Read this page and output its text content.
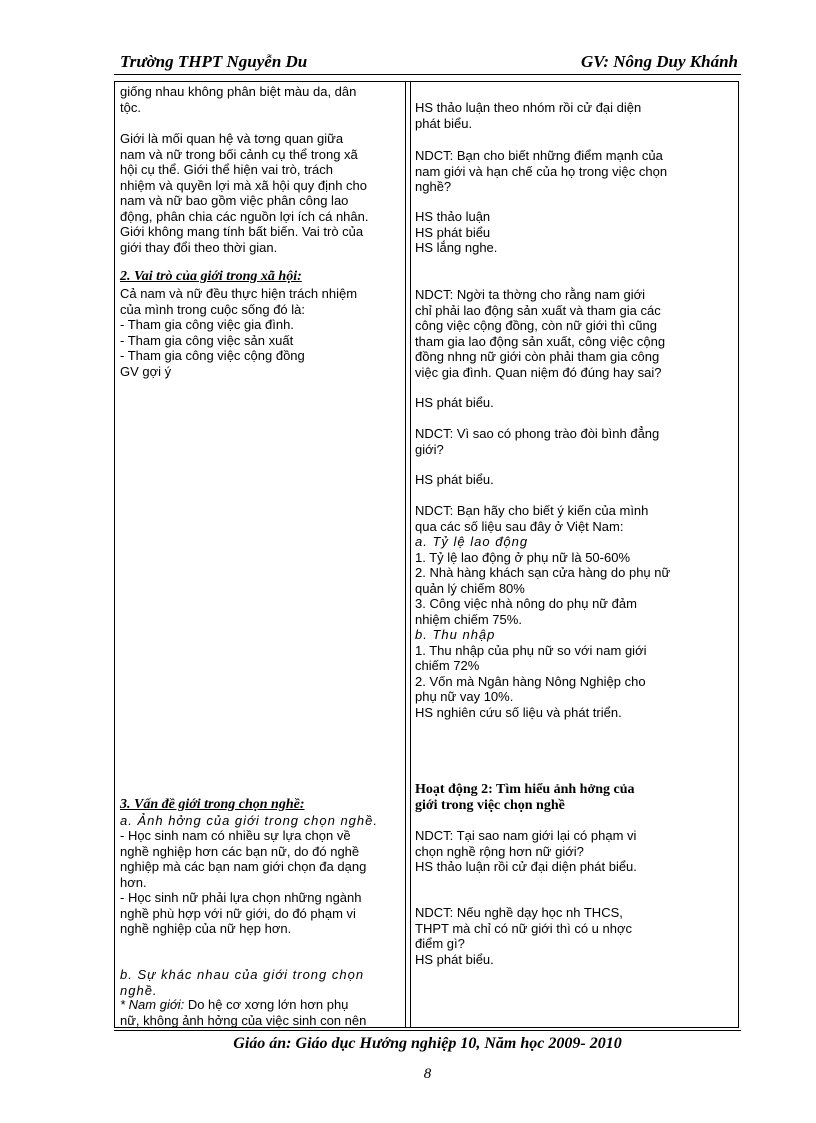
Trường THPT Nguyễn Du	GV: Nông Duy Khánh
giống nhau không phân biệt màu da, dân
tộc.
Giới là mối quan hệ và tơng quan giữa
nam và nữ trong bối cảnh cụ thể trong xã
hội cụ thể. Giới thể hiện vai trò, trách
nhiệm và quyền lợi mà xã hội quy định cho
nam và nữ bao gồm việc phân công lao
động, phân chia các nguồn lợi ích cá nhân.
Giới không mang tính bất biến. Vai trò của
giới thay đổi theo thời gian.
2. Vai trò của giới trong xã hội:
Cả nam và nữ đều thực hiện trách nhiệm
của mình trong cuộc sống đó là:
- Tham gia công việc gia đình.
- Tham gia công việc sản xuất
- Tham gia công việc cộng đồng
GV gợi ý
3. Vấn đề giới trong chọn nghề:
a. Ảnh hởng của giới trong chọn nghề.
- Học sinh nam có nhiều sự lựa chọn về
nghề nghiệp hơn các bạn nữ, do đó nghề
nghiệp mà các bạn nam giới chọn đa dạng
hơn.
- Học sinh nữ phải lựa chọn những ngành
nghề phù hợp với nữ giới, do đó phạm vi
nghề nghiệp của nữ hẹp hơn.
b. Sự khác nhau của giới trong chọn nghề.
* Nam giới: Do hệ cơ xơng lớn hơn phụ
nữ, không ảnh hởng của việc sinh con nên
HS thảo luận theo nhóm rồi cử đại diện
phát biểu.
NDCT: Bạn cho biết những điểm mạnh của
nam giới và hạn chế của họ trong việc chọn
nghề?
HS thảo luận
HS phát biểu
HS lắng nghe.
NDCT: Ngời ta thờng cho rằng nam giới
chỉ phải lao động sản xuất và tham gia các
công việc cộng đồng, còn nữ giới thì cũng
tham gia lao động sản xuất, công việc cộng
đồng nhng nữ giới còn phải tham gia công
việc gia đình. Quan niệm đó đúng hay sai?
HS phát biểu.
NDCT: Vì sao có phong trào đòi bình đẳng
giới?
HS phát biểu.
NDCT: Bạn hãy cho biết ý kiến của mình
qua các số liệu sau đây ở Việt Nam:
a. Tỷ lệ lao động
1. Tỷ lệ lao động ở phụ nữ là 50-60%
2. Nhà hàng khách sạn cửa hàng do phụ nữ
quản lý chiếm 80%
3. Công việc nhà nông do phụ nữ đảm
nhiệm chiếm 75%.
b. Thu nhập
1. Thu nhập của phụ nữ so với nam giới
chiếm 72%
2. Vốn mà Ngân hàng Nông Nghiệp cho
phụ nữ vay 10%.
HS nghiên cứu số liệu và phát triển.
Hoạt động 2: Tìm hiểu ảnh hởng của
giới trong việc chọn nghề
NDCT: Tại sao nam giới lại có phạm vi
chọn nghề rộng hơn nữ giới?
HS thảo luận rồi cử đại diện phát biểu.
NDCT: Nếu nghề dạy học nh THCS,
THPT mà chỉ có nữ giới thì có u nhợc
điểm gì?
HS phát biểu.
Giáo án: Giáo dục Hướng nghiệp 10, Năm học 2009- 2010
8
